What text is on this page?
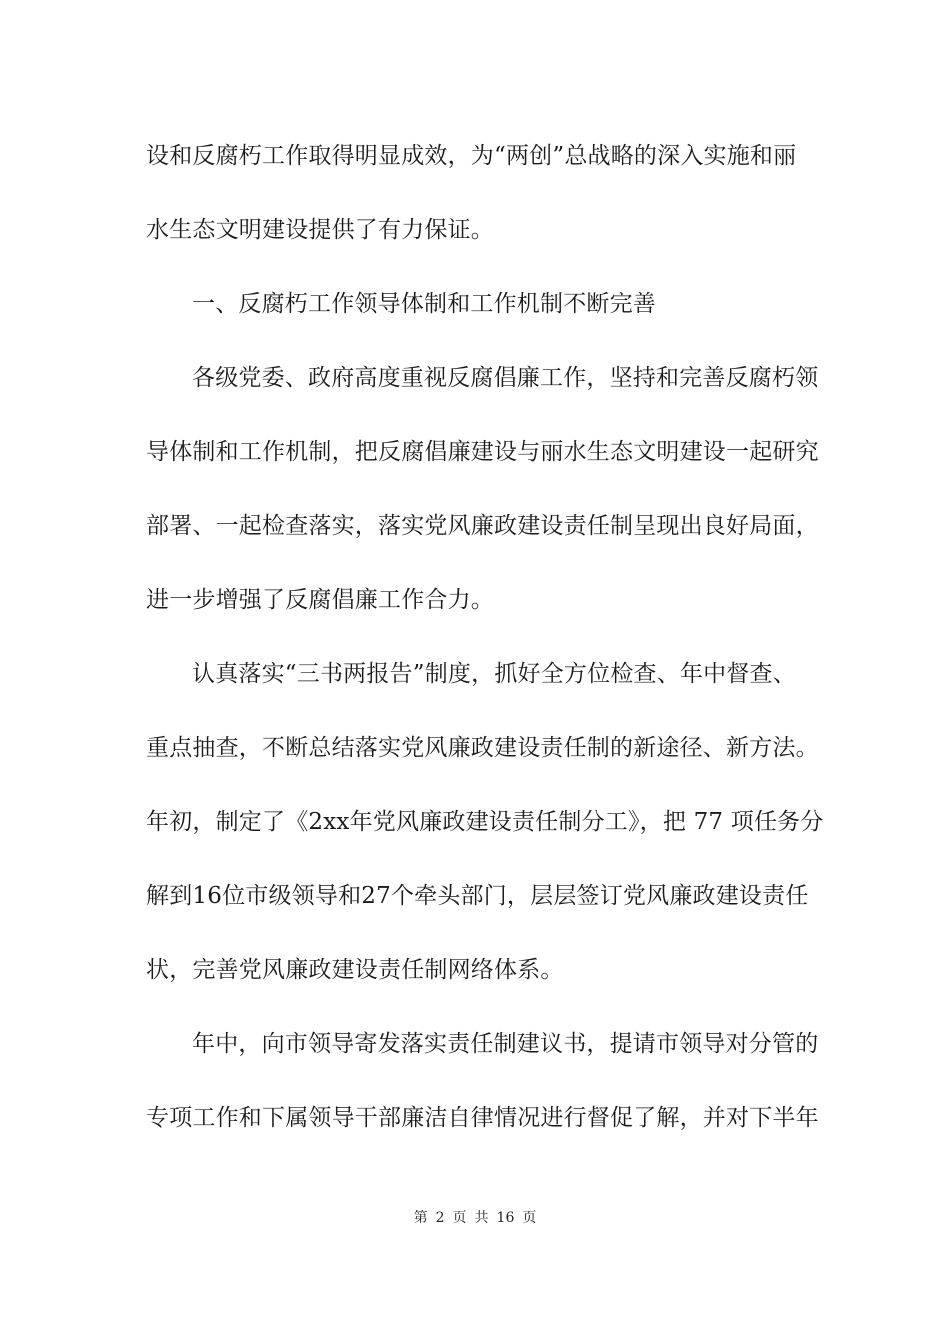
设和反腐朽工作取得明显成效，为“两创”总战略的深入实施和丽
水生态文明建设提供了有力保证。
一、反腐朽工作领导体制和工作机制不断完善
各级党委、政府高度重视反腐倡廉工作，坚持和完善反腐朽领
导体制和工作机制，把反腐倡廉建设与丽水生态文明建设一起研究
部署、一起检查落实，落实党风廉政建设责任制呈现出良好局面，
进一步增强了反腐倡廉工作合力。
认真落实“三书两报告”制度，抓好全方位检查、年中督查、
重点抽查，不断总结落实党风廉政建设责任制的新途径、新方法。
年初，制定了《2xx年党风廉政建设责任制分工》，把 77 项任务分
解到16位市级领导和27个牵头部门，层层签订党风廉政建设责任
状，完善党风廉政建设责任制网络体系。
年中，向市领导寄发落实责任制建议书，提请市领导对分管的
专项工作和下属领导干部廉洁自律情况进行督促了解，并对下半年
第 2 页 共 16 页
